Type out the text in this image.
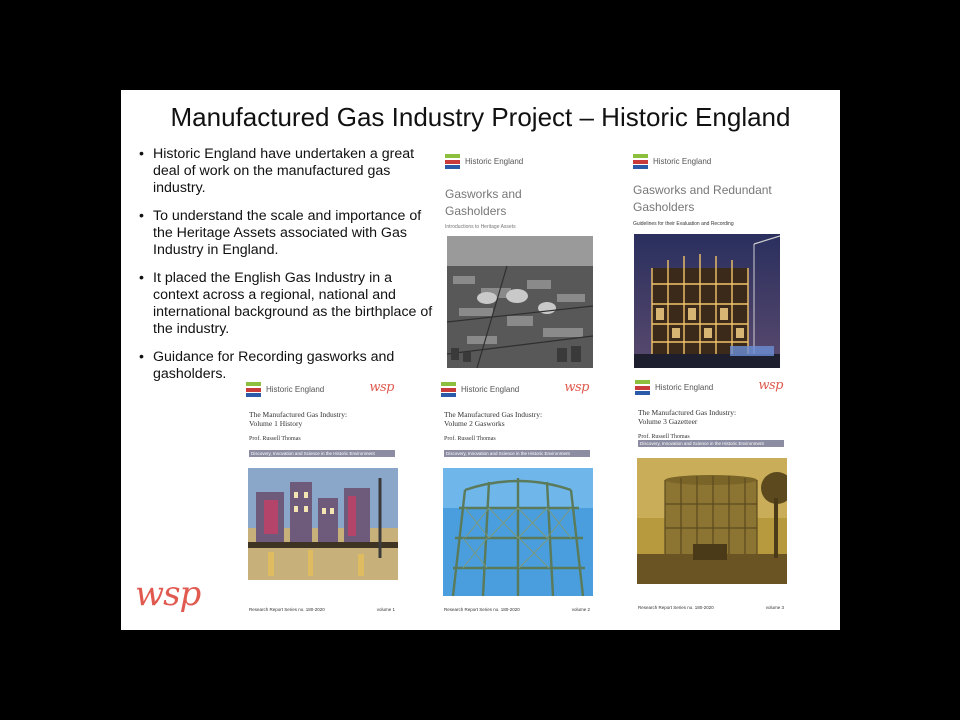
Manufactured Gas Industry Project – Historic England
• Historic England have undertaken a great deal of work on the manufactured gas industry.
• To understand the scale and importance of the Heritage Assets associated with Gas Industry in England.
• It placed the English Gas Industry in a context across a regional, national and international background as the birthplace of the industry.
• Guidance for Recording gasworks and gasholders.
Historic England
Gasworks and
Gasholders
Introductions to Heritage Assets
Historic England
Gasworks and Redundant
Gasholders
Guidelines for their Evaluation and Recording
Historic England	wsp
The Manufactured Gas Industry:
Volume 1 History
Prof. Russell Thomas
Discovery, Innovation and Science in the Historic Environment
Research Report Series no. 180-2020	volume 1
Historic England	wsp
The Manufactured Gas Industry:
Volume 2 Gasworks
Prof. Russell Thomas
Discovery, Innovation and Science in the Historic Environment
Research Report Series no. 180-2020	volume 2
Historic England	wsp
The Manufactured Gas Industry:
Volume 3 Gazetteer
Prof. Russell Thomas
Discovery, Innovation and Science in the Historic Environment
Research Report Series no. 180-2020	volume 3
wsp
